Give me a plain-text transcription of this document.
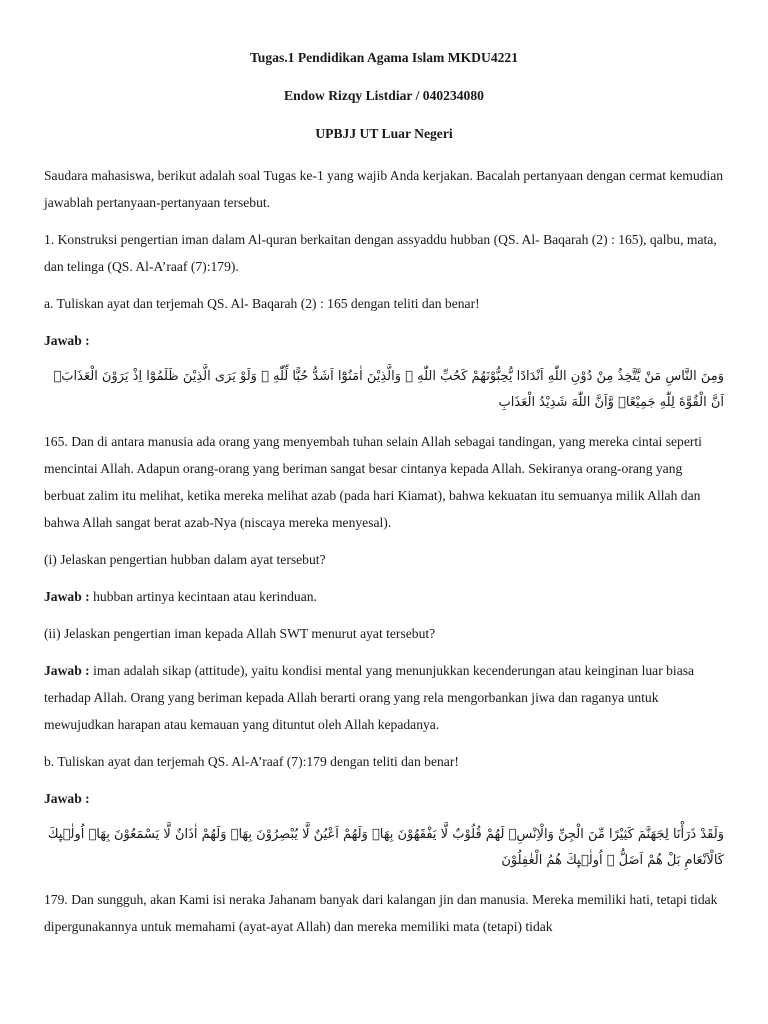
Tugas.1 Pendidikan Agama Islam MKDU4221

Endow Rizqy Listdiar / 040234080

UPBJJ UT Luar Negeri

Saudara mahasiswa, berikut adalah soal Tugas ke-1 yang wajib Anda kerjakan. Bacalah pertanyaan dengan cermat kemudian jawablah pertanyaan-pertanyaan tersebut.

1. Konstruksi pengertian iman dalam Al-quran berkaitan dengan assyaddu hubban (QS. Al- Baqarah (2) : 165), qalbu, mata, dan telinga (QS. Al-A’raaf (7):179).

a. Tuliskan ayat dan terjemah QS. Al- Baqarah (2) : 165 dengan teliti dan benar!

Jawab :

وَمِنَ النَّاسِ مَنْ يَّتَّخِذُ مِنْ دُوْنِ اللّٰهِ اَنْدَادًا يُّحِبُّوْنَهُمْ كَحُبِّ اللّٰهِ ۗ وَالَّذِيْنَ اٰمَنُوْٓا اَشَدُّ حُبًّا لِّلّٰهِ ۙ وَلَوْ يَرَى الَّذِيْنَ ظَلَمُوْٓا اِذْ يَرَوْنَ الْعَذَابَۙ اَنَّ الْقُوَّةَ لِلّٰهِ جَمِيْعًاۙ وَّاَنَّ اللّٰهَ شَدِيْدُ الْعَذَابِ

165. Dan di antara manusia ada orang yang menyembah tuhan selain Allah sebagai tandingan, yang mereka cintai seperti mencintai Allah. Adapun orang-orang yang beriman sangat besar cintanya kepada Allah. Sekiranya orang-orang yang berbuat zalim itu melihat, ketika mereka melihat azab (pada hari Kiamat), bahwa kekuatan itu semuanya milik Allah dan bahwa Allah sangat berat azab-Nya (niscaya mereka menyesal).

(i) Jelaskan pengertian hubban dalam ayat tersebut?

Jawab : hubban artinya kecintaan atau kerinduan.

(ii) Jelaskan pengertian iman kepada Allah SWT menurut ayat tersebut?

Jawab : iman adalah sikap (attitude), yaitu kondisi mental yang menunjukkan kecenderungan atau keinginan luar biasa terhadap Allah. Orang yang beriman kepada Allah berarti orang yang rela mengorbankan jiwa dan raganya untuk mewujudkan harapan atau kemauan yang dituntut oleh Allah kepadanya.

b. Tuliskan ayat dan terjemah QS. Al-A’raaf (7):179 dengan teliti dan benar!

Jawab :

وَلَقَدْ ذَرَأْنَا لِجَهَنَّمَ كَثِيْرًا مِّنَ الْجِنِّ وَالْاِنْسِۖ لَهُمْ قُلُوْبٌ لَّا يَفْقَهُوْنَ بِهَاۖ وَلَهُمْ اَعْيُنٌ لَّا يُبْصِرُوْنَ بِهَاۖ وَلَهُمْ اٰذَانٌ لَّا يَسْمَعُوْنَ بِهَاۗ اُولٰۤىِٕكَ كَالْاَنْعَامِ بَلْ هُمْ اَضَلُّ ۗ اُولٰۤىِٕكَ هُمُ الْغٰفِلُوْنَ

179. Dan sungguh, akan Kami isi neraka Jahanam banyak dari kalangan jin dan manusia. Mereka memiliki hati, tetapi tidak dipergunakannya untuk memahami (ayat-ayat Allah) dan mereka memiliki mata (tetapi) tidak
